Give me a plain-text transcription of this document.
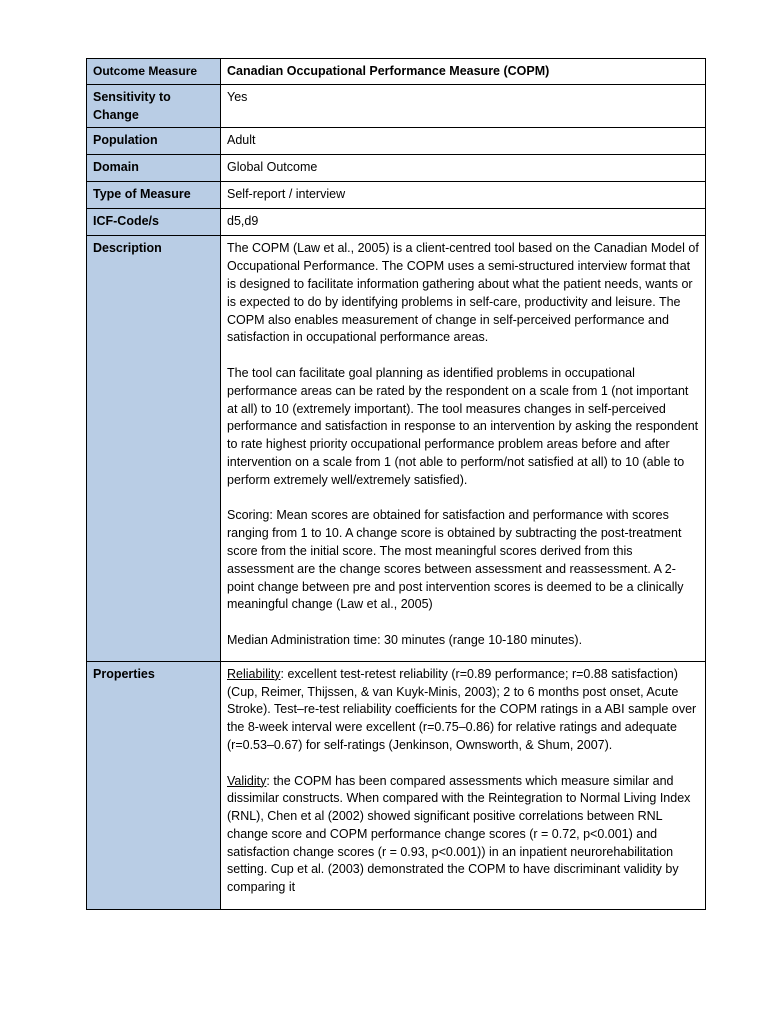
Outcome Measure	Canadian Occupational Performance Measure (COPM)
Sensitivity to Change	Yes
Population	Adult
Domain	Global Outcome
Type of Measure	Self-report / interview
ICF-Code/s	d5,d9
Description	The COPM (Law et al., 2005) is a client-centred tool based on the Canadian Model of Occupational Performance. The COPM uses a semi-structured interview format that is designed to facilitate information gathering about what the patient needs, wants or is expected to do by identifying problems in self-care, productivity and leisure. The COPM also enables measurement of change in self-perceived performance and satisfaction in occupational performance areas.

The tool can facilitate goal planning as identified problems in occupational performance areas can be rated by the respondent on a scale from 1 (not important at all) to 10 (extremely important). The tool measures changes in self-perceived performance and satisfaction in response to an intervention by asking the respondent to rate highest priority occupational performance problem areas before and after intervention on a scale from 1 (not able to perform/not satisfied at all) to 10 (able to perform extremely well/extremely satisfied).

Scoring: Mean scores are obtained for satisfaction and performance with scores ranging from 1 to 10. A change score is obtained by subtracting the post-treatment score from the initial score. The most meaningful scores derived from this assessment are the change scores between assessment and reassessment. A 2-point change between pre and post intervention scores is deemed to be a clinically meaningful change (Law et al., 2005)

Median Administration time: 30 minutes (range 10-180 minutes).

Properties	Reliability: excellent test-retest reliability (r=0.89 performance; r=0.88 satisfaction) (Cup, Reimer, Thijssen, & van Kuyk-Minis, 2003); 2 to 6 months post onset, Acute Stroke). Test–re-test reliability coefficients for the COPM ratings in a ABI sample over the 8-week interval were excellent (r=0.75–0.86) for relative ratings and adequate (r=0.53–0.67) for self-ratings (Jenkinson, Ownsworth, & Shum, 2007).

Validity: the COPM has been compared assessments which measure similar and dissimilar constructs. When compared with the Reintegration to Normal Living Index (RNL), Chen et al (2002) showed significant positive correlations between RNL change score and COPM performance change scores (r = 0.72, p<0.001) and satisfaction change scores (r = 0.93, p<0.001)) in an inpatient neurorehabilitation setting. Cup et al. (2003) demonstrated the COPM to have discriminant validity by comparing it
